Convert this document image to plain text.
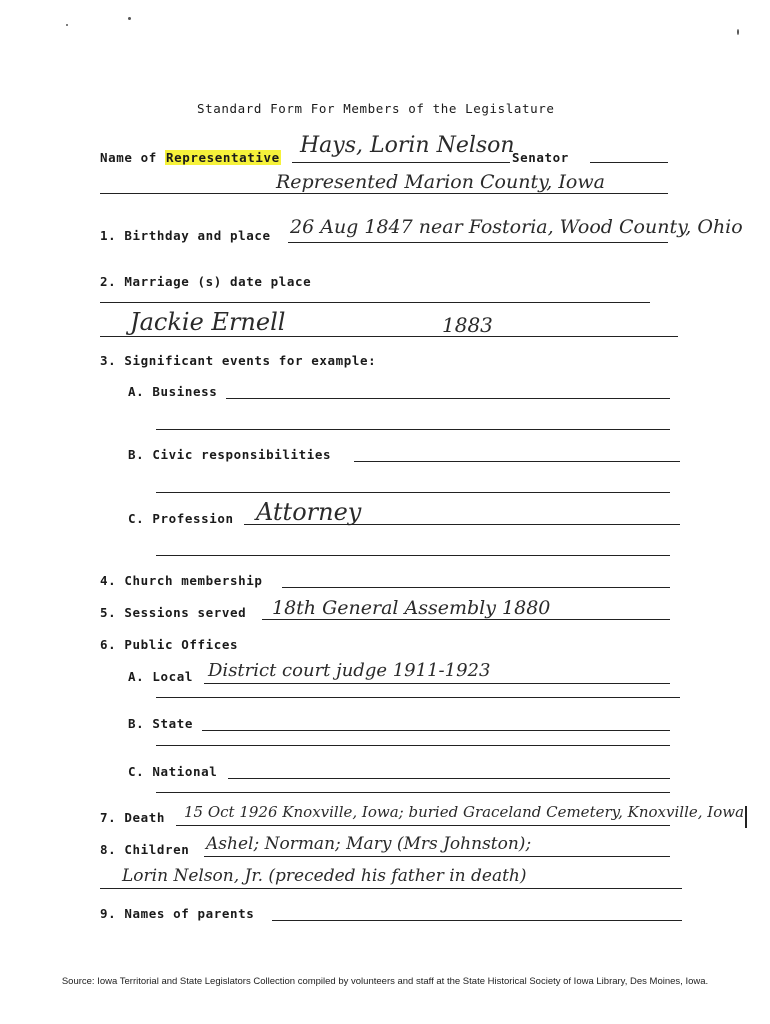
Standard Form For Members of the Legislature
Name of Representative Hays, Lorin Nelson
Senator
Represented Marion County, Iowa
1. Birthday and place 26 Aug 1847 near Fostoria, Wood County, Ohio
2. Marriage (s) date place
Jackie Ernell	1883
3. Significant events for example:
A. Business
B. Civic responsibilities
C. Profession Attorney
4. Church membership
5. Sessions served 18th General Assembly 1880
6. Public Offices
A. Local District court judge 1911-1923
B. State
C. National
7. Death 15 Oct 1926 Knoxville, Iowa; buried Graceland Cemetery, Knoxville, Iowa
8. Children Ashel; Norman; Mary (Mrs Johnston);
Lorin Nelson, Jr. (preceded his father in death)
9. Names of parents
Source: Iowa Territorial and State Legislators Collection compiled by volunteers and staff at the State Historical Society of Iowa Library, Des Moines, Iowa.
